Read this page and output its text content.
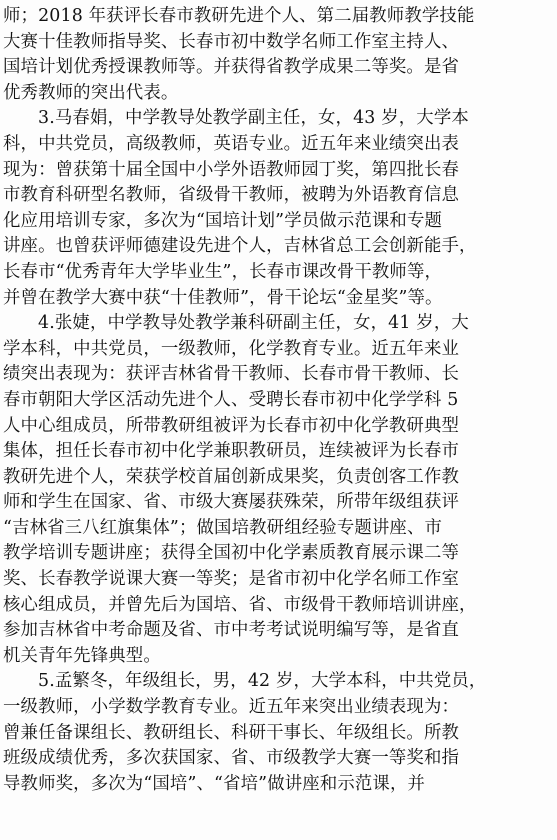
师；2018 年获评长春市教研先进个人、第二届教师教学技能
大赛十佳教师指导奖、长春市初中数学名师工作室主持人、
国培计划优秀授课教师等。并获得省教学成果二等奖。是省
优秀教师的突出代表。
3.马春娟，中学教导处教学副主任，女，43 岁，大学本
科，中共党员，高级教师，英语专业。近五年来业绩突出表
现为：曾获第十届全国中小学外语教师园丁奖，第四批长春
市教育科研型名教师，省级骨干教师，被聘为外语教育信息
化应用培训专家，多次为“国培计划”学员做示范课和专题
讲座。也曾获评师德建设先进个人，吉林省总工会创新能手，
长春市“优秀青年大学毕业生”，长春市课改骨干教师等，
并曾在教学大赛中获“十佳教师”，骨干论坛“金星奖”等。
4.张婕，中学教导处教学兼科研副主任，女，41 岁，大
学本科，中共党员，一级教师，化学教育专业。近五年来业
绩突出表现为：获评吉林省骨干教师、长春市骨干教师、长
春市朝阳大学区活动先进个人、受聘长春市初中化学学科 5
人中心组成员，所带教研组被评为长春市初中化学教研典型
集体，担任长春市初中化学兼职教研员，连续被评为长春市
教研先进个人，荣获学校首届创新成果奖，负责创客工作教
师和学生在国家、省、市级大赛屡获殊荣，所带年级组获评
“吉林省三八红旗集体”；做国培教研组经验专题讲座、市
教学培训专题讲座；获得全国初中化学素质教育展示课二等
奖、长春教学说课大赛一等奖；是省市初中化学名师工作室
核心组成员，并曾先后为国培、省、市级骨干教师培训讲座，
参加吉林省中考命题及省、市中考考试说明编写等，是省直
机关青年先锋典型。
5.孟繁冬，年级组长，男，42 岁，大学本科，中共党员，
一级教师，小学数学教育专业。近五年来突出业绩表现为：
曾兼任备课组长、教研组长、科研干事长、年级组长。所教
班级成绩优秀，多次获国家、省、市级教学大赛一等奖和指
导教师奖，多次为“国培”、“省培”做讲座和示范课，并
